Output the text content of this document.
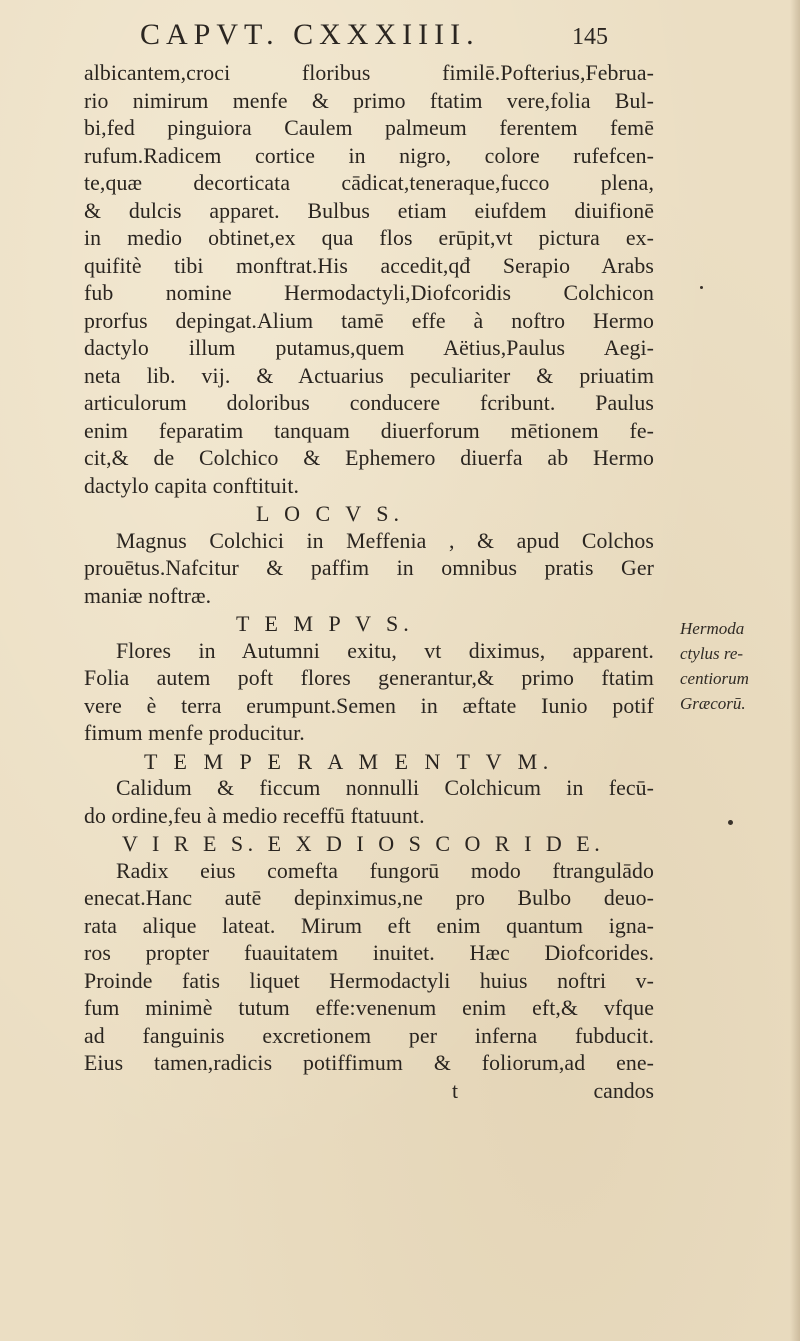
CAPVT. CXXXIIII.	145
albicantem,croci floribus fimilē.Pofterius,Februa-
rio nimirum menfe & primo ftatim vere,folia Bul-
bi,fed pinguiora Caulem palmeum ferentem femē
rufum.Radicem cortice in nigro, colore rufefcen-
te,quæ decorticata cādicat,teneraque,fucco plena,
& dulcis apparet. Bulbus etiam eiufdem diuifionē
in medio obtinet,ex qua flos erūpit,vt pictura ex-
quifitè tibi monftrat.His accedit,qđ Serapio Arabs
fub nomine Hermodactyli,Diofcoridis Colchicon
prorfus depingat.Alium tamē effe à noftro Hermo
dactylo illum putamus,quem Aëtius,Paulus Aegi-
neta lib. vij. & Actuarius peculiariter & priuatim
articulorum doloribus conducere fcribunt. Paulus
enim feparatim tanquam diuerforum mētionem fe-
cit,& de Colchico & Ephemero diuerfa ab Hermo
dactylo capita conftituit.
L O C V S.
Magnus Colchici in Meffenia , & apud Colchos
prouētus.Nafcitur & paffim in omnibus pratis Ger
maniæ noftræ.
T E M P V S.
Flores in Autumni exitu, vt diximus, apparent.
Folia autem poft flores generantur,& primo ftatim
vere è terra erumpunt.Semen in æftate Iunio potif
fimum menfe producitur.
T E M P E R A M E N T V M.
Calidum & ficcum nonnulli Colchicum in fecū-
do ordine,feu à medio receffū ftatuunt.
V I R E S. E X D I O S C O R I D E.
Radix eius comefta fungorū modo ftrangulādo
enecat.Hanc autē depinximus,ne pro Bulbo deuo-
rata alique lateat. Mirum eft enim quantum igna-
ros propter fuauitatem inuitet. Hæc Diofcorides.
Proinde fatis liquet Hermodactyli huius noftri v-
fum minimè tutum effe:venenum enim eft,& vfque
ad fanguinis excretionem per inferna fubducit.
Eius tamen,radicis potiffimum & foliorum,ad ene-
t	candos
Hermoda
ctylus re-
centiorum
Græcorū.
